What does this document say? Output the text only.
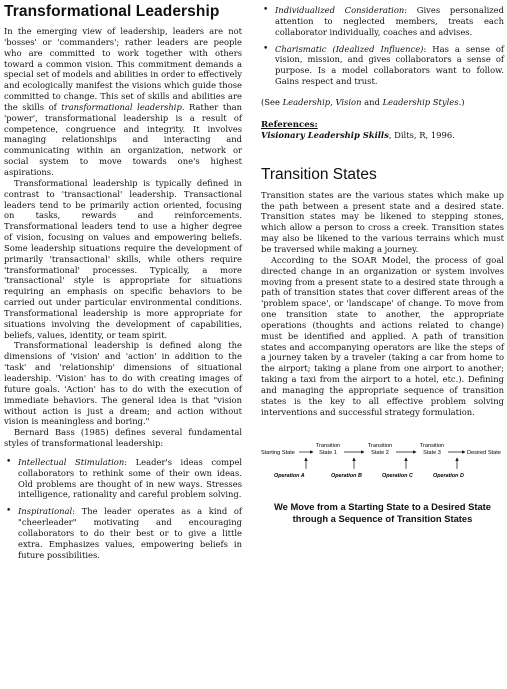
Transformational Leadership

In the emerging view of leadership, leaders are not 'bosses' or 'commanders'; rather leaders are people who are committed to work together with others toward a common vision. This commitment demands a special set of models and abilities in order to effectively and ecologically manifest the visions which guide those committed to change. This set of skills and abilities are the skills of transformational leadership. Rather than 'power', transformational leadership is a result of competence, congruence and integrity. It involves managing relationships and interacting and communicating within an organization, network or social system to move towards one's highest aspirations.

Transformational leadership is typically defined in contrast to 'transactional' leadership. Transactional leaders tend to be primarily action oriented, focusing on tasks, rewards and reinforcements. Transformational leaders tend to use a higher degree of vision, focusing on values and empowering beliefs. Some leadership situations require the development of primarily 'transactional' skills, while others require 'transformational' processes. Typically, a more 'transactional' style is appropriate for situations requiring an emphasis on specific behaviors to be carried out under particular environmental conditions. Transformational leadership is more appropriate for situations involving the development of capabilities, beliefs, values, identity, or team spirit.

Transformational leadership is defined along the dimensions of 'vision' and 'action' in addition to the 'task' and 'relationship' dimensions of situational leadership. 'Vision' has to do with creating images of future goals. 'Action' has to do with the execution of immediate behaviors. The general idea is that "vision without action is just a dream; and action without vision is meaningless and boring."

Bernard Bass (1985) defines several fundamental styles of transformational leadership:

• Intellectual Stimulation: Leader's ideas compel collaborators to rethink some of their own ideas. Old problems are thought of in new ways. Stresses intelligence, rationality and careful problem solving.
• Inspirational: The leader operates as a kind of "cheerleader" motivating and encouraging collaborators to do their best or to give a little extra. Emphasizes values, empowering beliefs in future possibilities.
• Individualized Consideration: Gives personalized attention to neglected members, treats each collaborator individually, coaches and advises.
• Charismatic (Idealized Influence): Has a sense of vision, mission, and gives collaborators a sense of purpose. Is a model collaborators want to follow. Gains respect and trust.

(See Leadership, Vision and Leadership Styles.)

References:
Visionary Leadership Skills, Dilts, R, 1996.
Transition States

Transition states are the various states which make up the path between a present state and a desired state. Transition states may be likened to stepping stones, which allow a person to cross a creek. Transition states may also be likened to the various terrains which must be traversed while making a journey.

According to the SOAR Model, the process of goal directed change in an organization or system involves moving from a present state to a desired state through a path of transition states that cover different areas of the 'problem space', or 'landscape' of change. To move from one transition state to another, the appropriate operations (thoughts and actions related to change) must be identified and applied. A path of transition states and accompanying operators are like the steps of a journey taken by a traveler (taking a car from home to the airport; taking a plane from one airport to another; taking a taxi from the airport to a hotel, etc.). Defining and managing the appropriate sequence of transition states is the key to all effective problem solving interventions and successful strategy formulation.

Starting State
Transition
State 1
Transition
State 2
Transition
State 3	Desired State
Operation A	Operation B	Operation C	Operation D
We Move from a Starting State to a Desired State through a Sequence of Transition States
